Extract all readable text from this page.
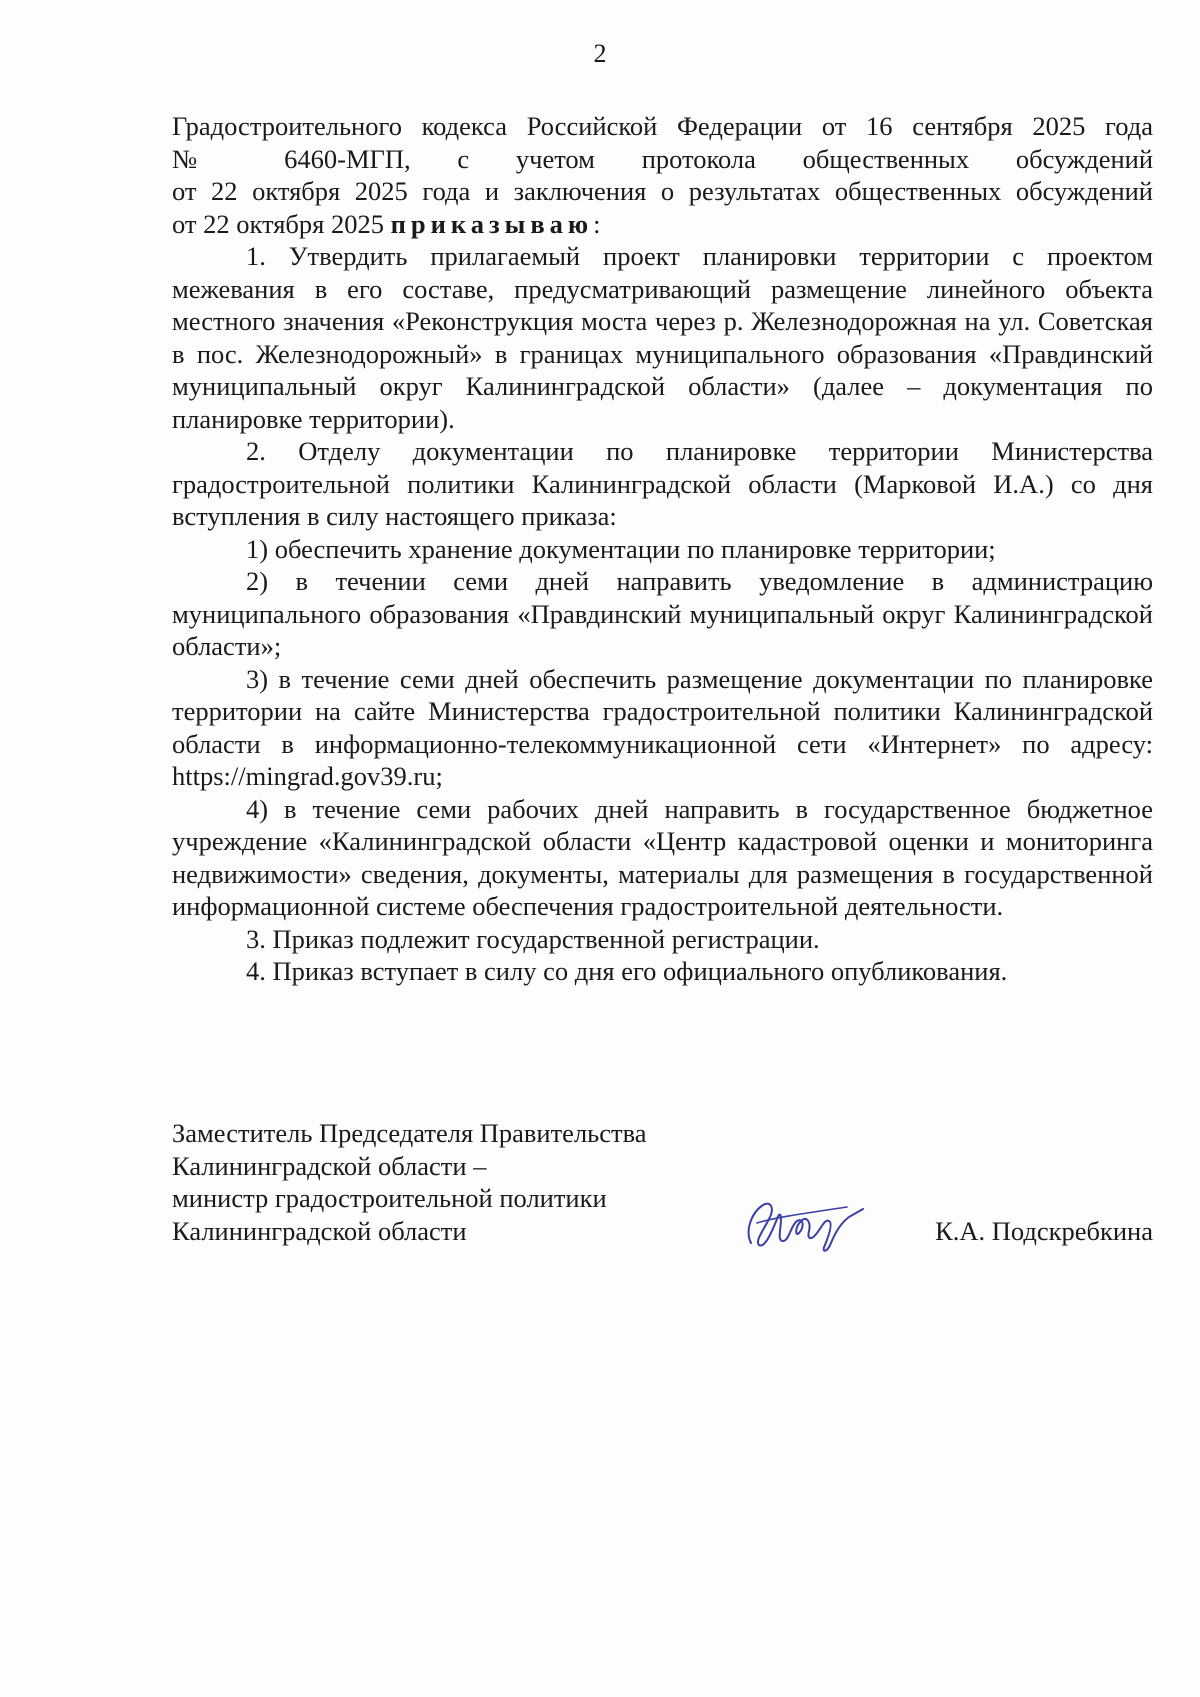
2

Градостроительного кодекса Российской Федерации от 16 сентября 2025 года

№ 6460-МГП, с учетом протокола общественных обсуждений

от 22 октября 2025 года и заключения о результатах общественных обсуждений

от 22 октября 2025 приказываю:

1. Утвердить прилагаемый проект планировки территории с проектом межевания в его составе, предусматривающий размещение линейного объекта местного значения «Реконструкция моста через р. Железнодорожная на ул. Советская в пос. Железнодорожный» в границах муниципального образования «Правдинский муниципальный округ Калининградской области» (далее – документация по планировке территории).

2. Отделу документации по планировке территории Министерства градостроительной политики Калининградской области (Марковой И.А.) со дня вступления в силу настоящего приказа:

1) обеспечить хранение документации по планировке территории;

2) в течении семи дней направить уведомление в администрацию муниципального образования «Правдинский муниципальный округ Калининградской области»;

3) в течение семи дней обеспечить размещение документации по планировке территории на сайте Министерства градостроительной политики Калининградской области в информационно-телекоммуникационной сети «Интернет» по адресу: https://mingrad.gov39.ru;

4) в течение семи рабочих дней направить в государственное бюджетное учреждение «Калининградской области «Центр кадастровой оценки и мониторинга недвижимости» сведения, документы, материалы для размещения в государственной информационной системе обеспечения градостроительной деятельности.

3. Приказ подлежит государственной регистрации.

4. Приказ вступает в силу со дня его официального опубликования.

Заместитель Председателя Правительства

Калининградской области –

министр градостроительной политики

Калининградской области	К.А. Подскребкина
